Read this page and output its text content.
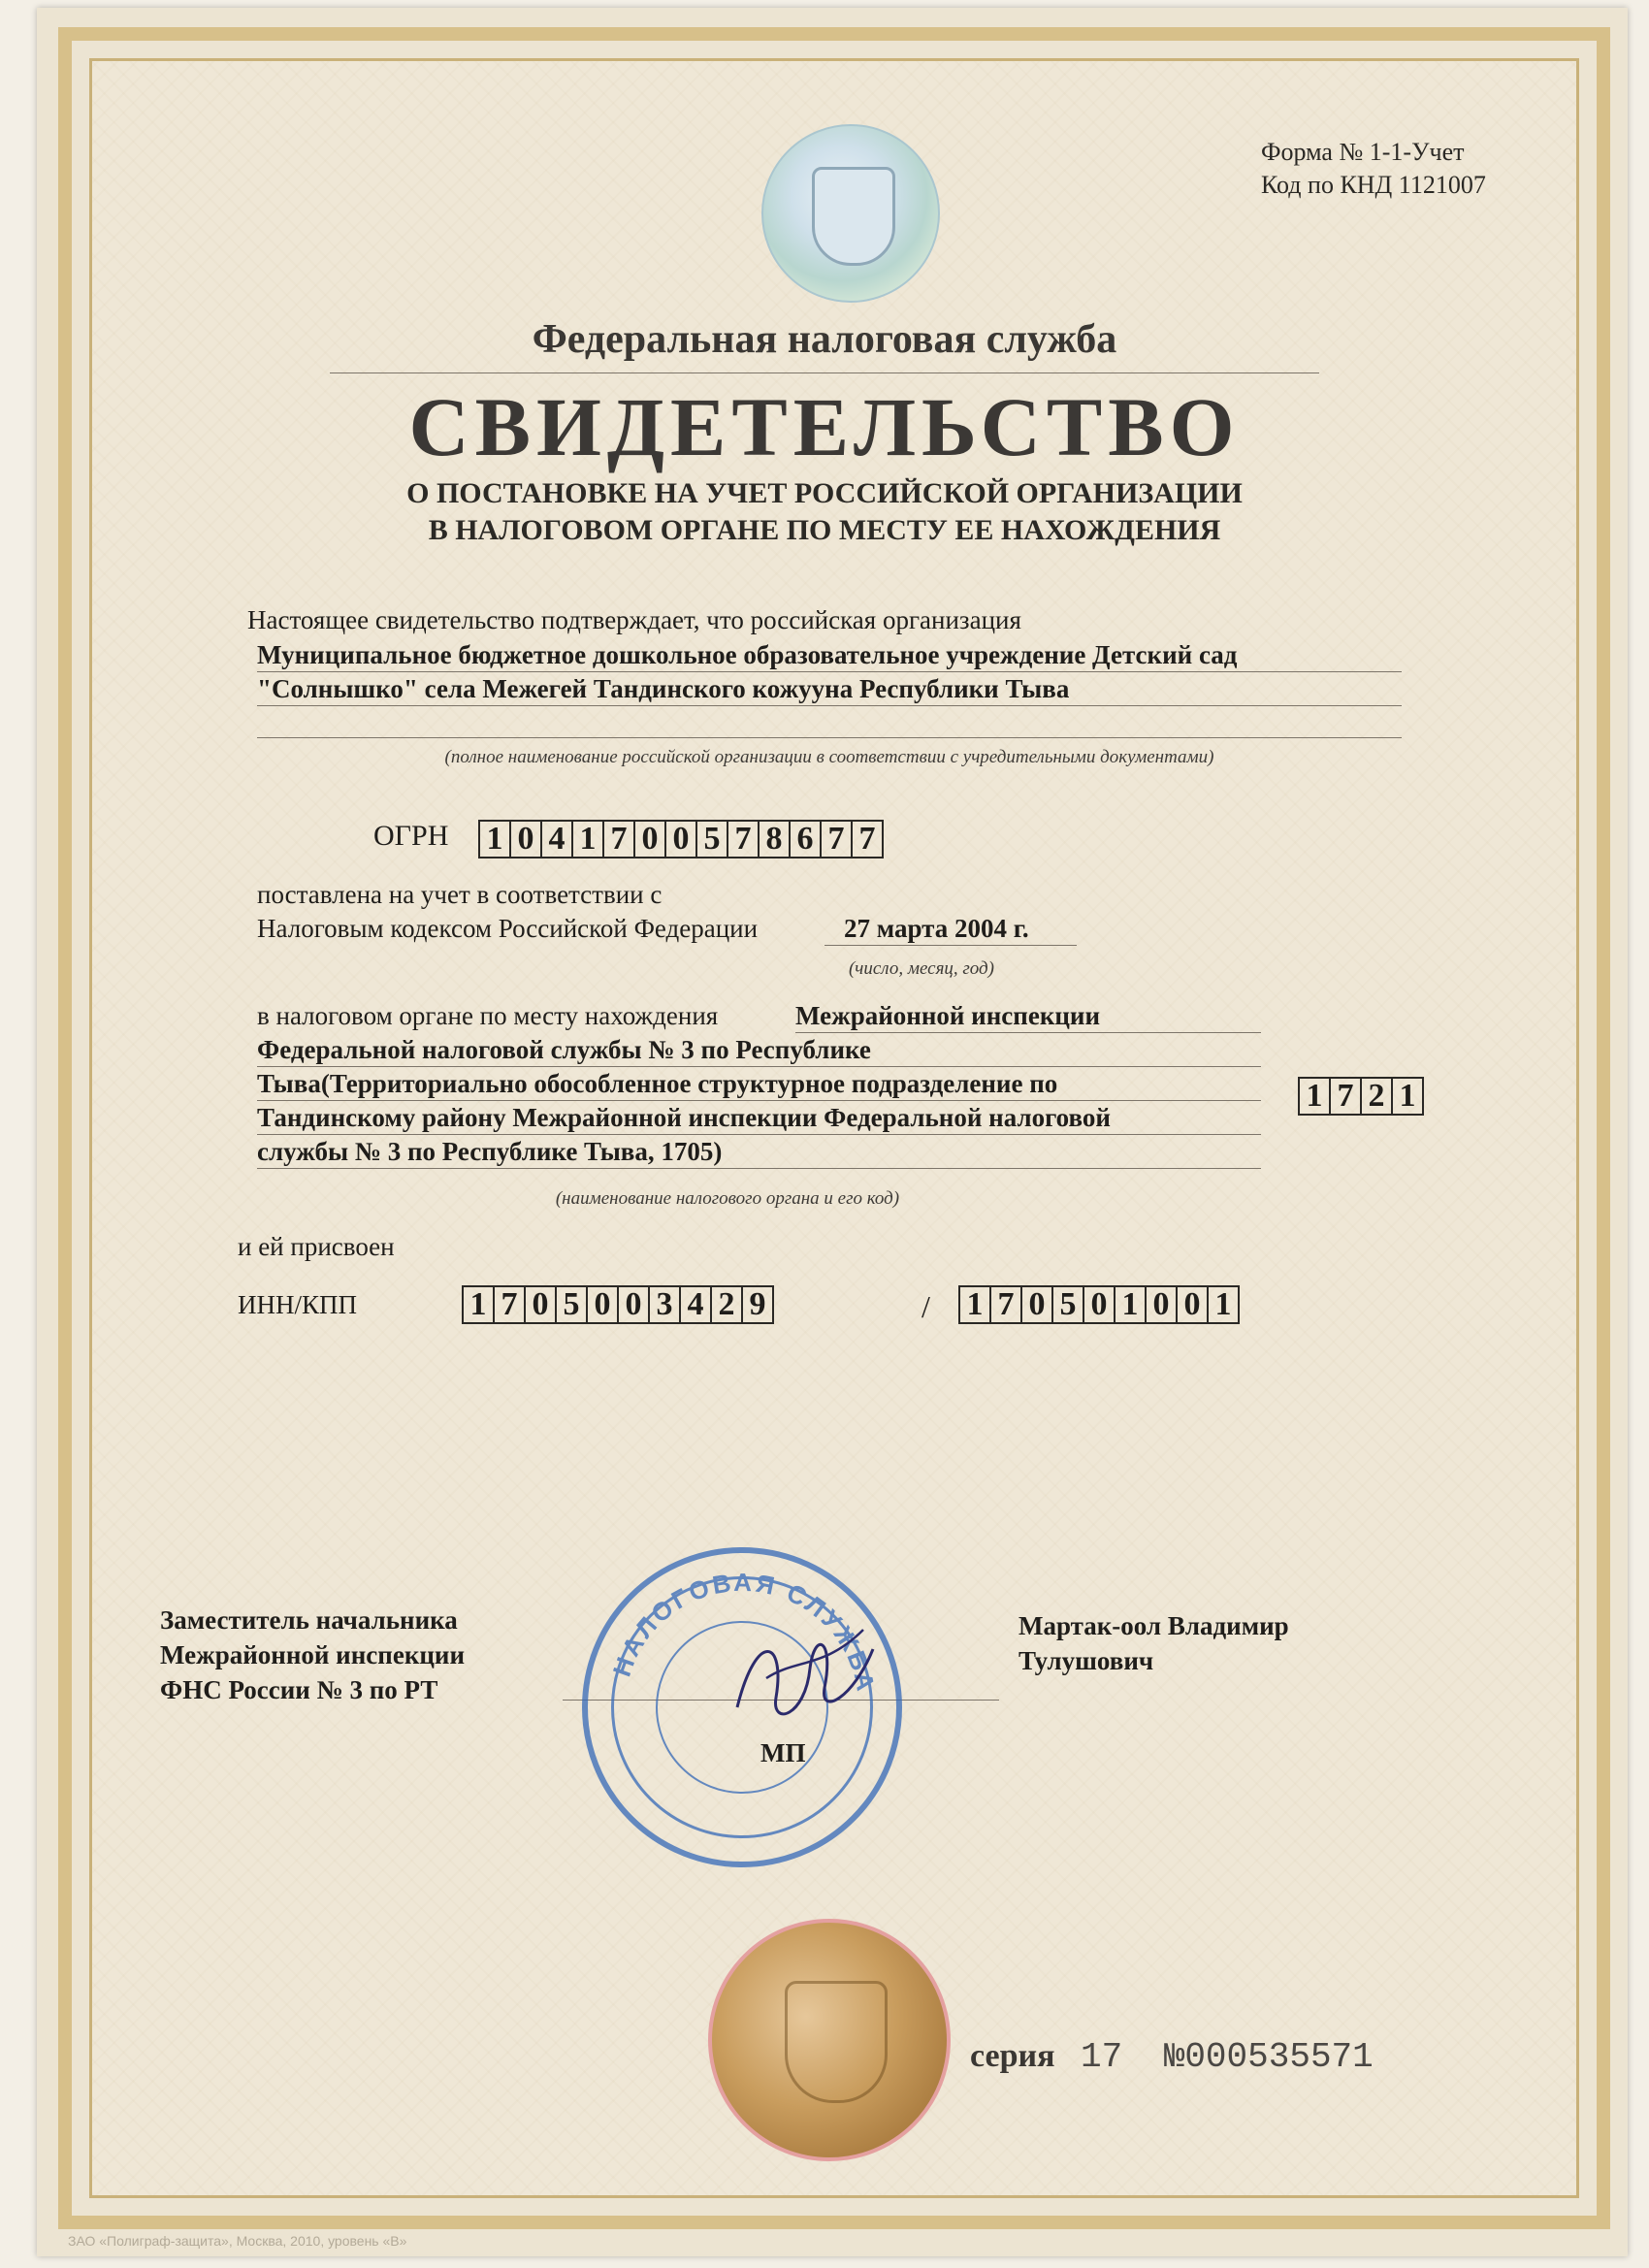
Форма № 1-1-Учет
Код по КНД 1121007
Федеральная налоговая служба
СВИДЕТЕЛЬСТВО
О ПОСТАНОВКЕ НА УЧЕТ РОССИЙСКОЙ ОРГАНИЗАЦИИ
В НАЛОГОВОМ ОРГАНЕ ПО МЕСТУ ЕЕ НАХОЖДЕНИЯ
Настоящее свидетельство подтверждает, что российская организация
Муниципальное бюджетное дошкольное образовательное учреждение Детский сад
"Солнышко" села Межегей Тандинского кожууна Республики Тыва
(полное наименование российской организации в соответствии с учредительными документами)
ОГРН 1 0 4 1 7 0 0 5 7 8 6 7 7
поставлена на учет в соответствии с
Налоговым кодексом Российской Федерации	27 марта 2004 г.
(число, месяц, год)
в налоговом органе по месту нахождения	Межрайонной инспекции
Федеральной налоговой службы № 3 по Республике
Тыва(Территориально обособленное структурное подразделение по
Тандинскому району Межрайонной инспекции Федеральной налоговой
службы № 3 по Республике Тыва, 1705)
1 7 2 1
(наименование налогового органа и его код)
и ей присвоен
ИНН/КПП	1 7 0 5 0 0 3 4 2 9	/ 1 7 0 5 0 1 0 0 1
Заместитель начальника
Межрайонной инспекции
ФНС России № 3 по РТ
НАЛОГОВАЯ СЛУЖБА
МП
Мартак-оол Владимир
Тулушович
серия 17 №000535571
ЗАО «Полиграф-защита», Москва, 2010, уровень «В»
